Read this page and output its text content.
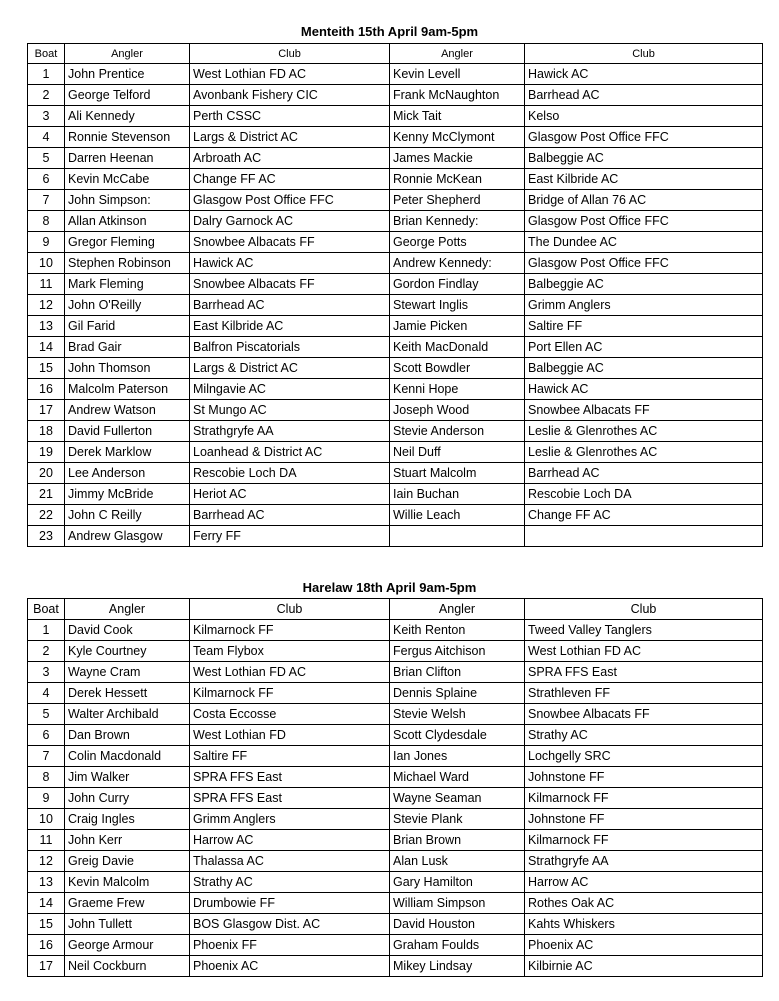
Menteith 15th April 9am-5pm
Boat	Angler	Club	Angler	Club
1	John Prentice	West Lothian FD AC	Kevin Levell	Hawick AC
2	George Telford	Avonbank Fishery CIC	Frank McNaughton	Barrhead AC
3	Ali Kennedy	Perth CSSC	Mick Tait	Kelso
4	Ronnie Stevenson	Largs & District AC	Kenny McClymont	Glasgow Post Office FFC
5	Darren Heenan	Arbroath AC	James Mackie	Balbeggie AC
6	Kevin McCabe	Change FF AC	Ronnie McKean	East Kilbride AC
7	John Simpson:	Glasgow Post Office FFC	Peter Shepherd	Bridge of Allan 76 AC
8	Allan Atkinson	Dalry Garnock AC	Brian Kennedy:	Glasgow Post Office FFC
9	Gregor Fleming	Snowbee Albacats FF	George Potts	The Dundee AC
10	Stephen Robinson	Hawick AC	Andrew Kennedy:	Glasgow Post Office FFC
11	Mark Fleming	Snowbee Albacats FF	Gordon Findlay	Balbeggie AC
12	John O'Reilly	Barrhead AC	Stewart Inglis	Grimm Anglers
13	Gil Farid	East Kilbride AC	Jamie Picken	Saltire FF
14	Brad Gair	Balfron Piscatorials	Keith MacDonald	Port Ellen AC
15	John Thomson	Largs & District AC	Scott Bowdler	Balbeggie AC
16	Malcolm Paterson	Milngavie AC	Kenni Hope	Hawick AC
17	Andrew Watson	St Mungo AC	Joseph Wood	Snowbee Albacats FF
18	David Fullerton	Strathgryfe AA	Stevie Anderson	Leslie & Glenrothes AC
19	Derek Marklow	Loanhead & District AC	Neil Duff	Leslie & Glenrothes AC
20	Lee Anderson	Rescobie Loch DA	Stuart Malcolm	Barrhead AC
21	Jimmy McBride	Heriot AC	Iain Buchan	Rescobie Loch DA
22	John C Reilly	Barrhead AC	Willie Leach	Change FF AC
23	Andrew Glasgow	Ferry FF		
Harelaw 18th April 9am-5pm
Boat	Angler	Club	Angler	Club
1	David Cook	Kilmarnock FF	Keith Renton	Tweed Valley Tanglers
2	Kyle Courtney	Team Flybox	Fergus Aitchison	West Lothian FD AC
3	Wayne Cram	West Lothian FD AC	Brian Clifton	SPRA FFS East
4	Derek Hessett	Kilmarnock FF	Dennis Splaine	Strathleven FF
5	Walter Archibald	Costa Eccosse	Stevie Welsh	Snowbee Albacats FF
6	Dan Brown	West Lothian FD	Scott Clydesdale	Strathy AC
7	Colin Macdonald	Saltire FF	Ian Jones	Lochgelly SRC
8	Jim Walker	SPRA FFS East	Michael Ward	Johnstone FF
9	John Curry	SPRA FFS East	Wayne Seaman	Kilmarnock FF
10	Craig Ingles	Grimm Anglers	Stevie Plank	Johnstone FF
11	John Kerr	Harrow AC	Brian Brown	Kilmarnock FF
12	Greig Davie	Thalassa AC	Alan Lusk	Strathgryfe AA
13	Kevin Malcolm	Strathy AC	Gary Hamilton	Harrow AC
14	Graeme Frew	Drumbowie FF	William Simpson	Rothes Oak AC
15	John Tullett	BOS Glasgow Dist. AC	David Houston	Kahts Whiskers
16	George Armour	Phoenix FF	Graham Foulds	Phoenix AC
17	Neil Cockburn	Phoenix AC	Mikey Lindsay	Kilbirnie AC
